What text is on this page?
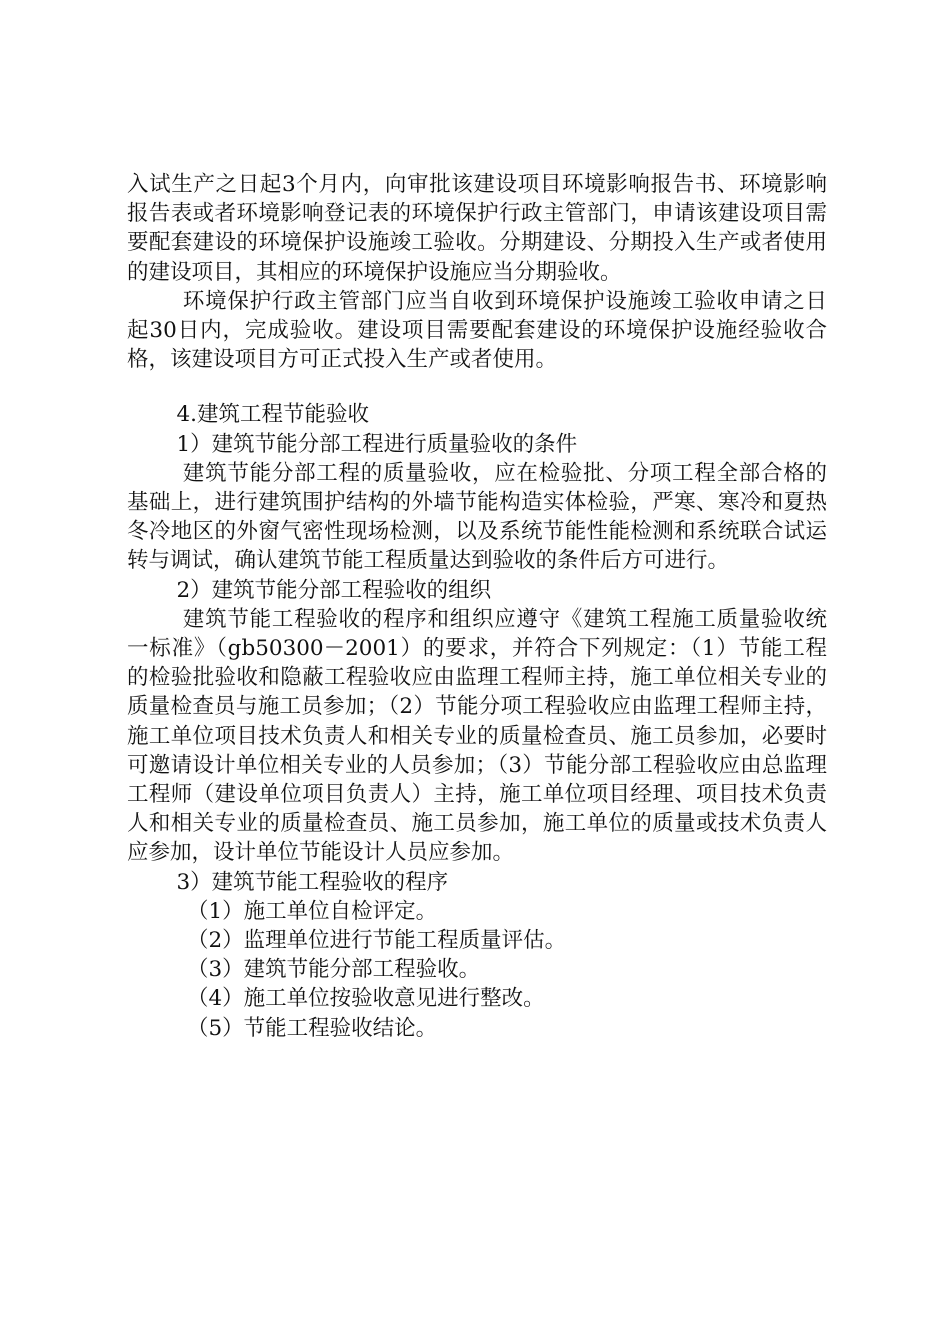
入试生产之日起3个月内，向审批该建设项目环境影响报告书、环境影响报告表或者环境影响登记表的环境保护行政主管部门，申请该建设项目需要配套建设的环境保护设施竣工验收。分期建设、分期投入生产或者使用的建设项目，其相应的环境保护设施应当分期验收。

环境保护行政主管部门应当自收到环境保护设施竣工验收申请之日起30日内，完成验收。建设项目需要配套建设的环境保护设施经验收合格，该建设项目方可正式投入生产或者使用。

4.建筑工程节能验收

1）建筑节能分部工程进行质量验收的条件

建筑节能分部工程的质量验收，应在检验批、分项工程全部合格的基础上，进行建筑围护结构的外墙节能构造实体检验，严寒、寒冷和夏热冬冷地区的外窗气密性现场检测，以及系统节能性能检测和系统联合试运转与调试，确认建筑节能工程质量达到验收的条件后方可进行。

2）建筑节能分部工程验收的组织

建筑节能工程验收的程序和组织应遵守《建筑工程施工质量验收统一标准》（gb50300－2001）的要求，并符合下列规定：（1）节能工程的检验批验收和隐蔽工程验收应由监理工程师主持，施工单位相关专业的质量检查员与施工员参加；（2）节能分项工程验收应由监理工程师主持，施工单位项目技术负责人和相关专业的质量检查员、施工员参加，必要时可邀请设计单位相关专业的人员参加；（3）节能分部工程验收应由总监理工程师（建设单位项目负责人）主持，施工单位项目经理、项目技术负责人和相关专业的质量检查员、施工员参加，施工单位的质量或技术负责人应参加，设计单位节能设计人员应参加。

3）建筑节能工程验收的程序

（1）施工单位自检评定。

（2）监理单位进行节能工程质量评估。

（3）建筑节能分部工程验收。

（4）施工单位按验收意见进行整改。

（5）节能工程验收结论。
